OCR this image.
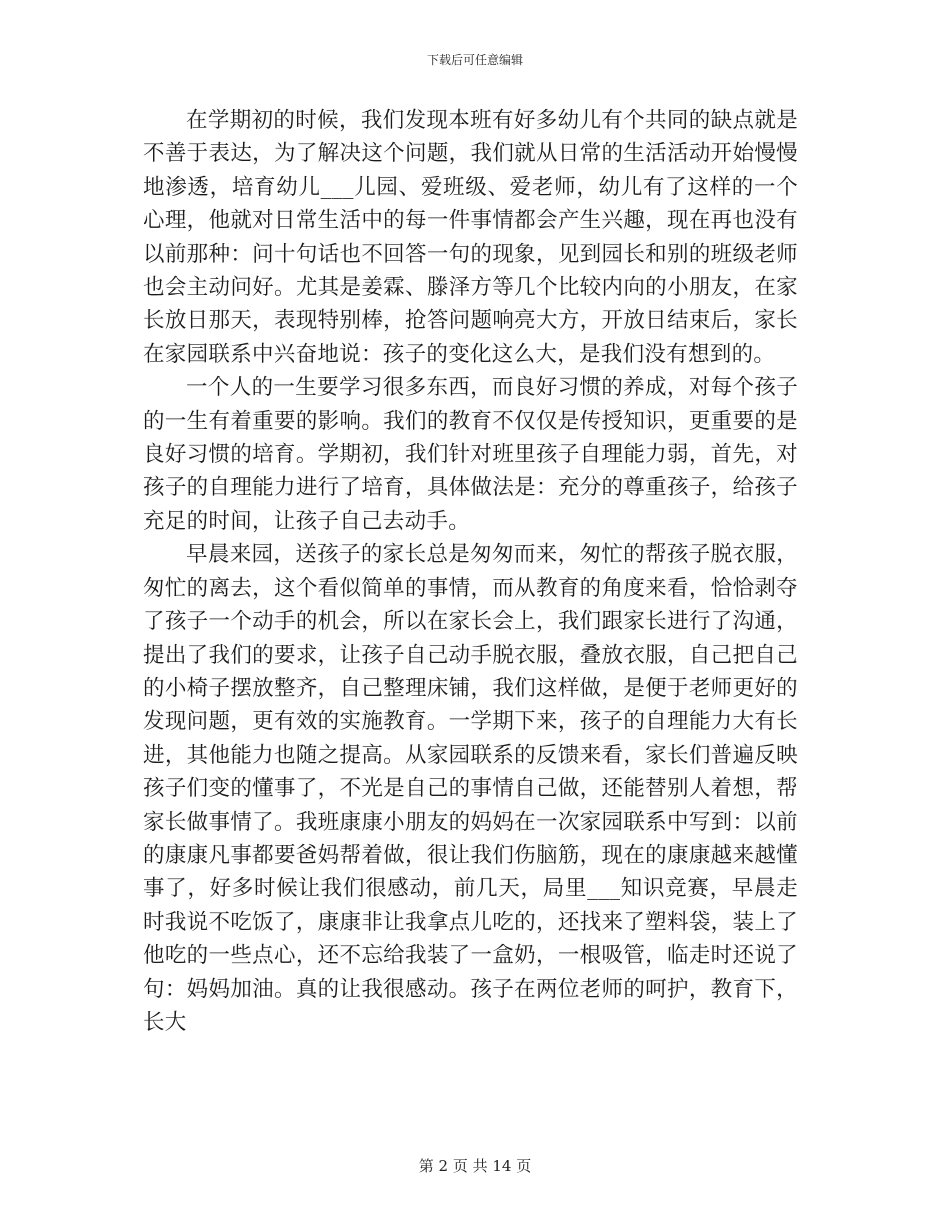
下载后可任意编辑

在学期初的时候，我们发现本班有好多幼儿有个共同的缺点就是不善于表达，为了解决这个问题，我们就从日常的生活活动开始慢慢地渗透，培育幼儿___儿园、爱班级、爱老师，幼儿有了这样的一个心理，他就对日常生活中的每一件事情都会产生兴趣，现在再也没有以前那种：问十句话也不回答一句的现象，见到园长和别的班级老师也会主动问好。尤其是姜霖、滕泽方等几个比较内向的小朋友，在家长放日那天，表现特别棒，抢答问题响亮大方，开放日结束后，家长在家园联系中兴奋地说：孩子的变化这么大，是我们没有想到的。

一个人的一生要学习很多东西，而良好习惯的养成，对每个孩子的一生有着重要的影响。我们的教育不仅仅是传授知识，更重要的是良好习惯的培育。学期初，我们针对班里孩子自理能力弱，首先，对孩子的自理能力进行了培育，具体做法是：充分的尊重孩子，给孩子充足的时间，让孩子自己去动手。

早晨来园，送孩子的家长总是匆匆而来，匆忙的帮孩子脱衣服，匆忙的离去，这个看似简单的事情，而从教育的角度来看，恰恰剥夺了孩子一个动手的机会，所以在家长会上，我们跟家长进行了沟通，提出了我们的要求，让孩子自己动手脱衣服，叠放衣服，自己把自己的小椅子摆放整齐，自己整理床铺，我们这样做，是便于老师更好的发现问题，更有效的实施教育。一学期下来，孩子的自理能力大有长进，其他能力也随之提高。从家园联系的反馈来看，家长们普遍反映孩子们变的懂事了，不光是自己的事情自己做，还能替别人着想，帮家长做事情了。我班康康小朋友的妈妈在一次家园联系中写到：以前的康康凡事都要爸妈帮着做，很让我们伤脑筋，现在的康康越来越懂事了，好多时候让我们很感动，前几天，局里___知识竞赛，早晨走时我说不吃饭了，康康非让我拿点儿吃的，还找来了塑料袋，装上了他吃的一些点心，还不忘给我装了一盒奶，一根吸管，临走时还说了句：妈妈加油。真的让我很感动。孩子在两位老师的呵护，教育下，长大

第 2 页 共 14 页
